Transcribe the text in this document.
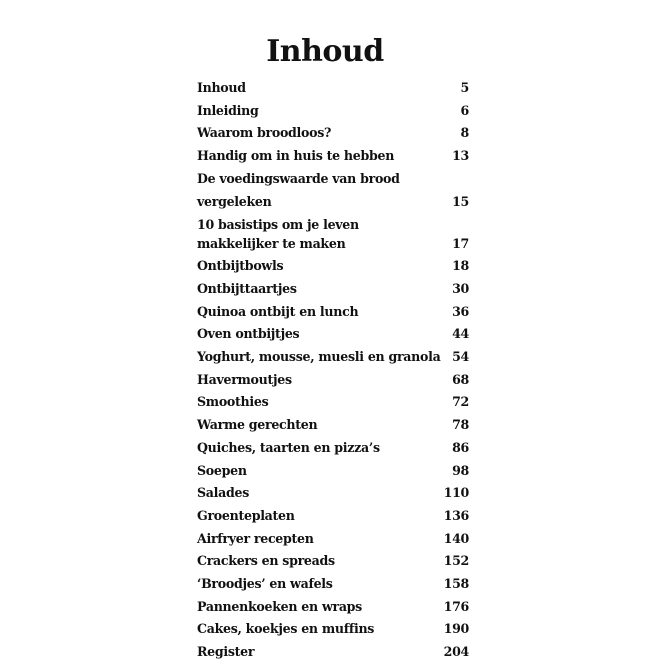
Inhoud
Inhoud	5
Inleiding	6
Waarom broodloos?	8
Handig om in huis te hebben	13
De voedingswaarde van brood vergeleken	15
10 basistips om je leven makkelijker te maken	17
Ontbijtbowls	18
Ontbijttaartjes	30
Quinoa ontbijt en lunch	36
Oven ontbijtjes	44
Yoghurt, mousse, muesli en granola 54
Havermoutjes	68
Smoothies	72
Warme gerechten	78
Quiches, taarten en pizza’s	86
Soepen	98
Salades	110
Groenteplaten	136
Airfryer recepten	140
Crackers en spreads	152
‘Broodjes’ en wafels	158
Pannenkoeken en wraps	176
Cakes, koekjes en muffins	190
Register	204
